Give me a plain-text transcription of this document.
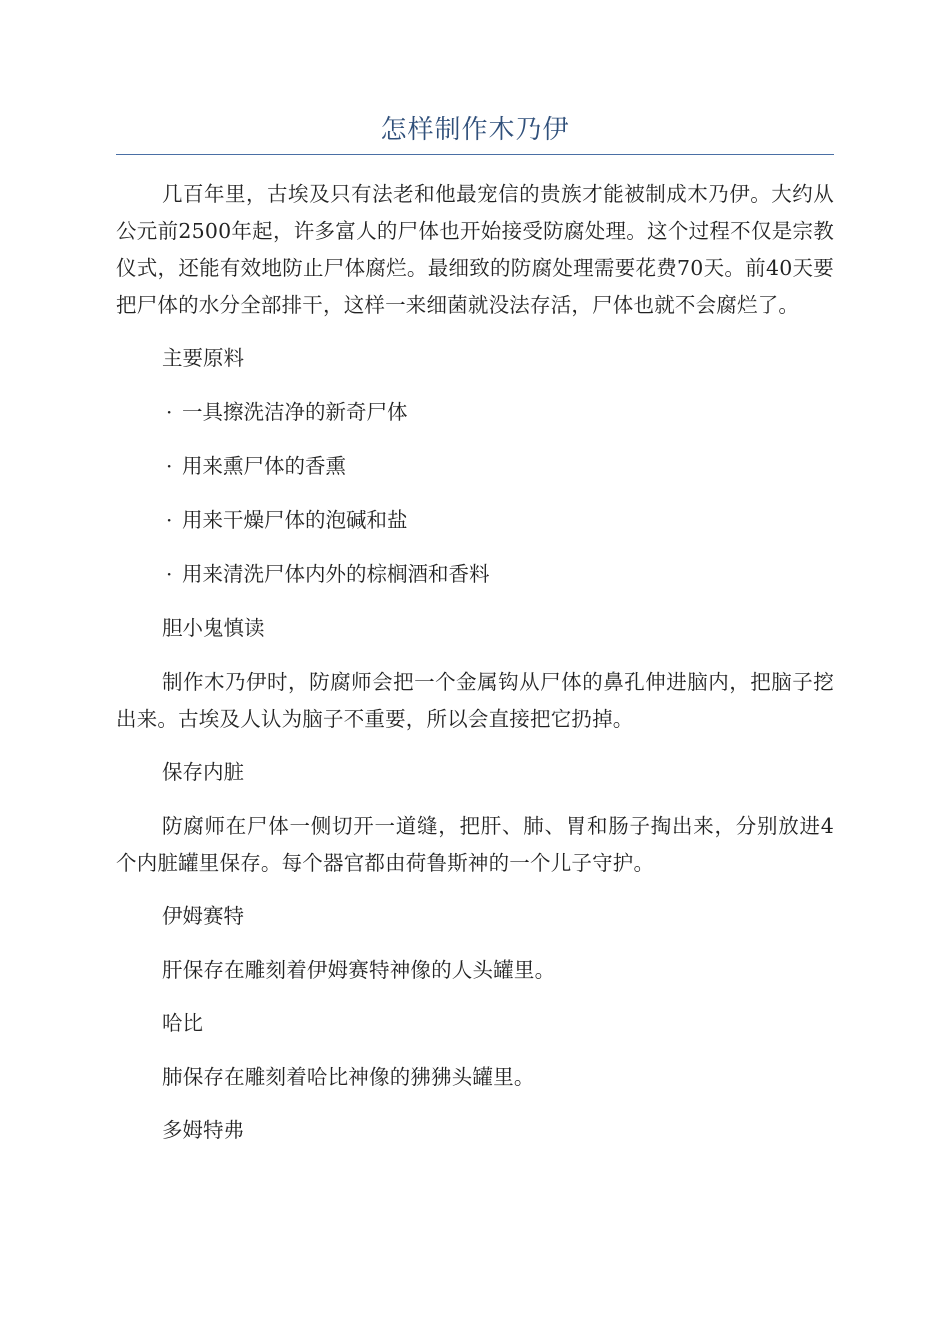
怎样制作木乃伊

几百年里，古埃及只有法老和他最宠信的贵族才能被制成木乃伊。大约从公元前2500年起，许多富人的尸体也开始接受防腐处理。这个过程不仅是宗教仪式，还能有效地防止尸体腐烂。最细致的防腐处理需要花费70天。前40天要把尸体的水分全部排干，这样一来细菌就没法存活，尸体也就不会腐烂了。

主要原料
· 一具擦洗洁净的新奇尸体
· 用来熏尸体的香熏
· 用来干燥尸体的泡碱和盐
· 用来清洗尸体内外的棕榈酒和香料
胆小鬼慎读

制作木乃伊时，防腐师会把一个金属钩从尸体的鼻孔伸进脑内，把脑子挖出来。古埃及人认为脑子不重要，所以会直接把它扔掉。

保存内脏

防腐师在尸体一侧切开一道缝，把肝、肺、胃和肠子掏出来，分别放进4个内脏罐里保存。每个器官都由荷鲁斯神的一个儿子守护。

伊姆赛特

肝保存在雕刻着伊姆赛特神像的人头罐里。

哈比

肺保存在雕刻着哈比神像的狒狒头罐里。

多姆特弗
